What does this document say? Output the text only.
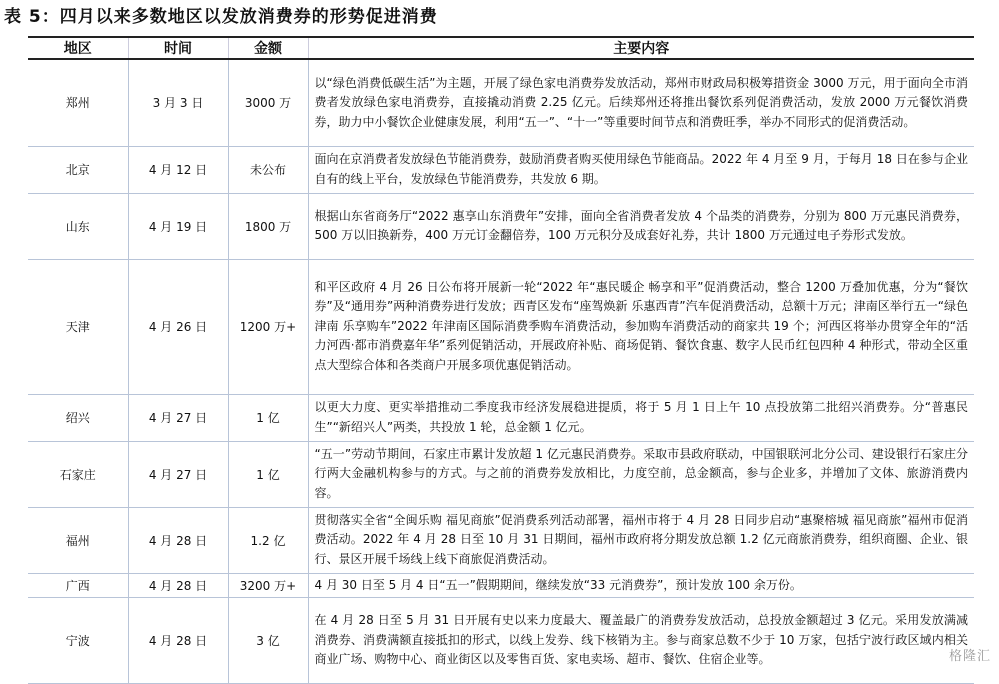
表 5：四月以来多数地区以发放消费券的形势促进消费
地区	时间	金额	主要内容
郑州	3 月 3 日	3000 万	以“绿色消费低碳生活”为主题，开展了绿色家电消费券发放活动，郑州市财政局积极筹措资金 3000 万元，用于面向全市消费者发放绿色家电消费券，直接撬动消费 2.25 亿元。后续郑州还将推出餐饮系列促消费活动，发放 2000 万元餐饮消费券，助力中小餐饮企业健康发展，利用“五一”、“十一”等重要时间节点和消费旺季，举办不同形式的促消费活动。
北京	4 月 12 日	未公布	面向在京消费者发放绿色节能消费券，鼓励消费者购买使用绿色节能商品。2022 年 4 月至 9 月，于每月 18 日在参与企业自有的线上平台，发放绿色节能消费券，共发放 6 期。
山东	4 月 19 日	1800 万	根据山东省商务厅“2022 惠享山东消费年”安排，面向全省消费者发放 4 个品类的消费券，分别为 800 万元惠民消费券，500 万以旧换新券，400 万元订金翻倍券，100 万元积分及成套好礼券，共计 1800 万元通过电子券形式发放。
天津	4 月 26 日	1200 万+	和平区政府 4 月 26 日公布将开展新一轮“2022 年“惠民暖企 畅享和平”促消费活动，整合 1200 万叠加优惠，分为“餐饮券”及“通用券”两种消费券进行发放；西青区发布“座驾焕新 乐惠西青”汽车促消费活动，总额十万元；津南区举行五一“绿色津南 乐享购车”2022 年津南区国际消费季购车消费活动，参加购车消费活动的商家共 19 个；河西区将举办贯穿全年的“活力河西·都市消费嘉年华”系列促销活动，开展政府补贴、商场促销、餐饮食惠、数字人民币红包四种 4 种形式，带动全区重点大型综合体和各类商户开展多项优惠促销活动。
绍兴	4 月 27 日	1 亿	以更大力度、更实举措推动二季度我市经济发展稳进提质，将于 5 月 1 日上午 10 点投放第二批绍兴消费券。分“普惠民生”“新绍兴人”两类，共投放 1 轮，总金额 1 亿元。
石家庄	4 月 27 日	1 亿	“五一”劳动节期间，石家庄市累计发放超 1 亿元惠民消费券。采取市县政府联动，中国银联河北分公司、建设银行石家庄分行两大金融机构参与的方式。与之前的消费券发放相比，力度空前，总金额高，参与企业多，并增加了文体、旅游消费内容。
福州	4 月 28 日	1.2 亿	贯彻落实全省“全闽乐购 福见商旅”促消费系列活动部署，福州市将于 4 月 28 日同步启动“惠聚榕城 福见商旅”福州市促消费活动。2022 年 4 月 28 日至 10 月 31 日期间，福州市政府将分期发放总额 1.2 亿元商旅消费券，组织商圈、企业、银行、景区开展千场线上线下商旅促消费活动。
广西	4 月 28 日	3200 万+	4 月 30 日至 5 月 4 日“五一”假期期间，继续发放“33 元消费券”，预计发放 100 余万份。
宁波	4 月 28 日	3 亿	在 4 月 28 日至 5 月 31 日开展有史以来力度最大、覆盖最广的消费券发放活动，总投放金额超过 3 亿元。采用发放满减消费券、消费满额直接抵扣的形式，以线上发券、线下核销为主。参与商家总数不少于 10 万家，包括宁波行政区域内相关商业广场、购物中心、商业街区以及零售百货、家电卖场、超市、餐饮、住宿企业等。	格隆汇
